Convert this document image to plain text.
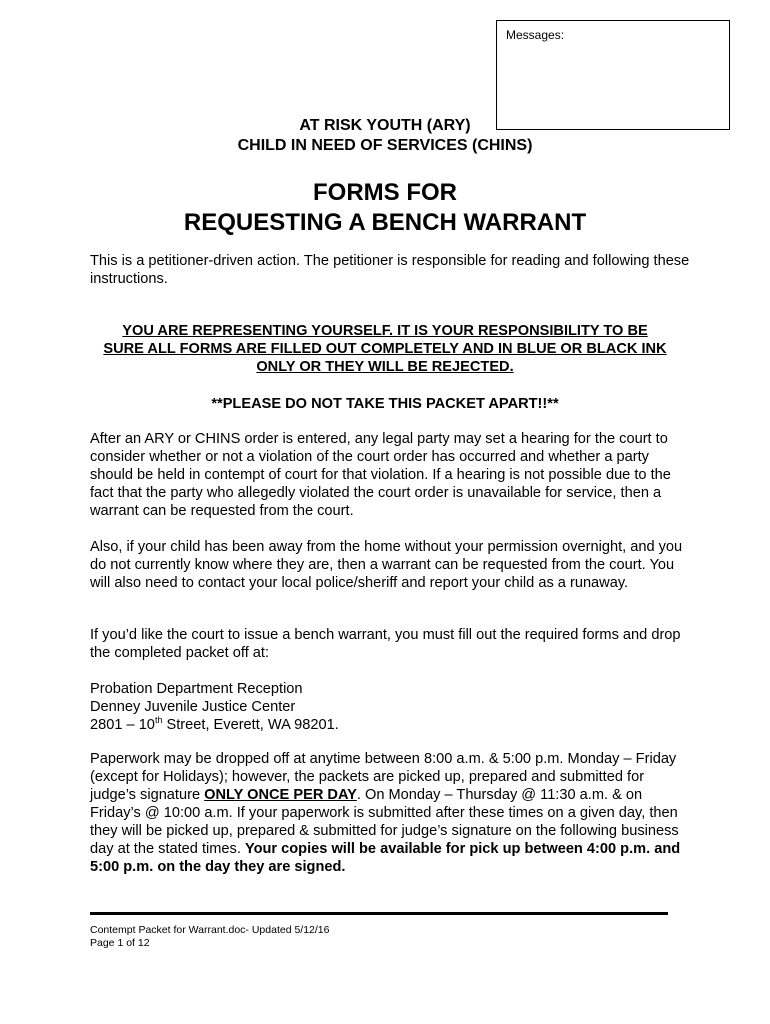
Messages:
AT RISK YOUTH (ARY)
CHILD IN NEED OF SERVICES (CHINS)
FORMS FOR
REQUESTING A BENCH WARRANT
This is a petitioner-driven action. The petitioner is responsible for reading and following these instructions.
YOU ARE REPRESENTING YOURSELF. IT IS YOUR RESPONSIBILITY TO BE
SURE ALL FORMS ARE FILLED OUT COMPLETELY AND IN BLUE OR BLACK INK
ONLY OR THEY WILL BE REJECTED.
**PLEASE DO NOT TAKE THIS PACKET APART!!**
After an ARY or CHINS order is entered, any legal party may set a hearing for the court to consider whether or not a violation of the court order has occurred and whether a party should be held in contempt of court for that violation. If a hearing is not possible due to the fact that the party who allegedly violated the court order is unavailable for service, then a warrant can be requested from the court.
Also, if your child has been away from the home without your permission overnight, and you do not currently know where they are, then a warrant can be requested from the court. You will also need to contact your local police/sheriff and report your child as a runaway.
If you’d like the court to issue a bench warrant, you must fill out the required forms and drop the completed packet off at:
Probation Department Reception
Denney Juvenile Justice Center
2801 – 10th Street, Everett, WA 98201.
Paperwork may be dropped off at anytime between 8:00 a.m. & 5:00 p.m. Monday – Friday (except for Holidays); however, the packets are picked up, prepared and submitted for judge’s signature ONLY ONCE PER DAY. On Monday – Thursday @ 11:30 a.m. & on Friday’s @ 10:00 a.m. If your paperwork is submitted after these times on a given day, then they will be picked up, prepared & submitted for judge’s signature on the following business day at the stated times. Your copies will be available for pick up between 4:00 p.m. and 5:00 p.m. on the day they are signed.
Contempt Packet for Warrant.doc- Updated 5/12/16
Page 1 of 12
